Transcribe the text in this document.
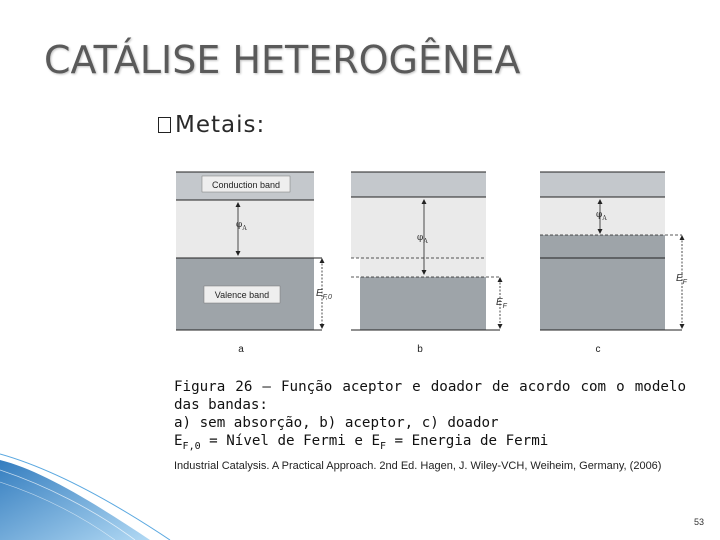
CATÁLISE HETEROGÊNEA
Metais:
Conduction band
Valence band
$\varphi_A$
$E_{F,0}$
a
$\varphi_A$
$E_F$
b
$\varphi_A$
$E_F$
c
Figura 26 – Função aceptor e doador de acordo com o modelo
das bandas:
a) sem absorção, b) aceptor, c) doador
$E_{F,0}$ = Nível de Fermi e $E_F$ = Energia de Fermi
Industrial Catalysis. A Practical Approach. 2nd Ed. Hagen, J. Wiley-VCH, Weiheim, Germany, (2006)
53
